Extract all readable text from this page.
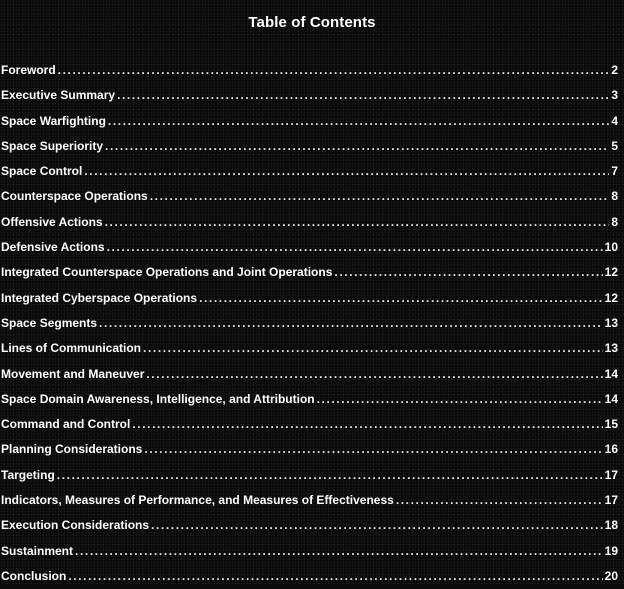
Table of Contents
Foreword .....	2
Executive Summary .....	3
Space Warfighting .....	4
Space Superiority .....	5
Space Control .....	7
Counterspace Operations .....	8
Offensive Actions .....	8
Defensive Actions .....	10
Integrated Counterspace Operations and Joint Operations .....	12
Integrated Cyberspace Operations .....	12
Space Segments .....	13
Lines of Communication .....	13
Movement and Maneuver .....	14
Space Domain Awareness, Intelligence, and Attribution .....	14
Command and Control .....	15
Planning Considerations .....	16
Targeting .....	17
Indicators, Measures of Performance, and Measures of Effectiveness .....	17
Execution Considerations .....	18
Sustainment .....	19
Conclusion .....	20
